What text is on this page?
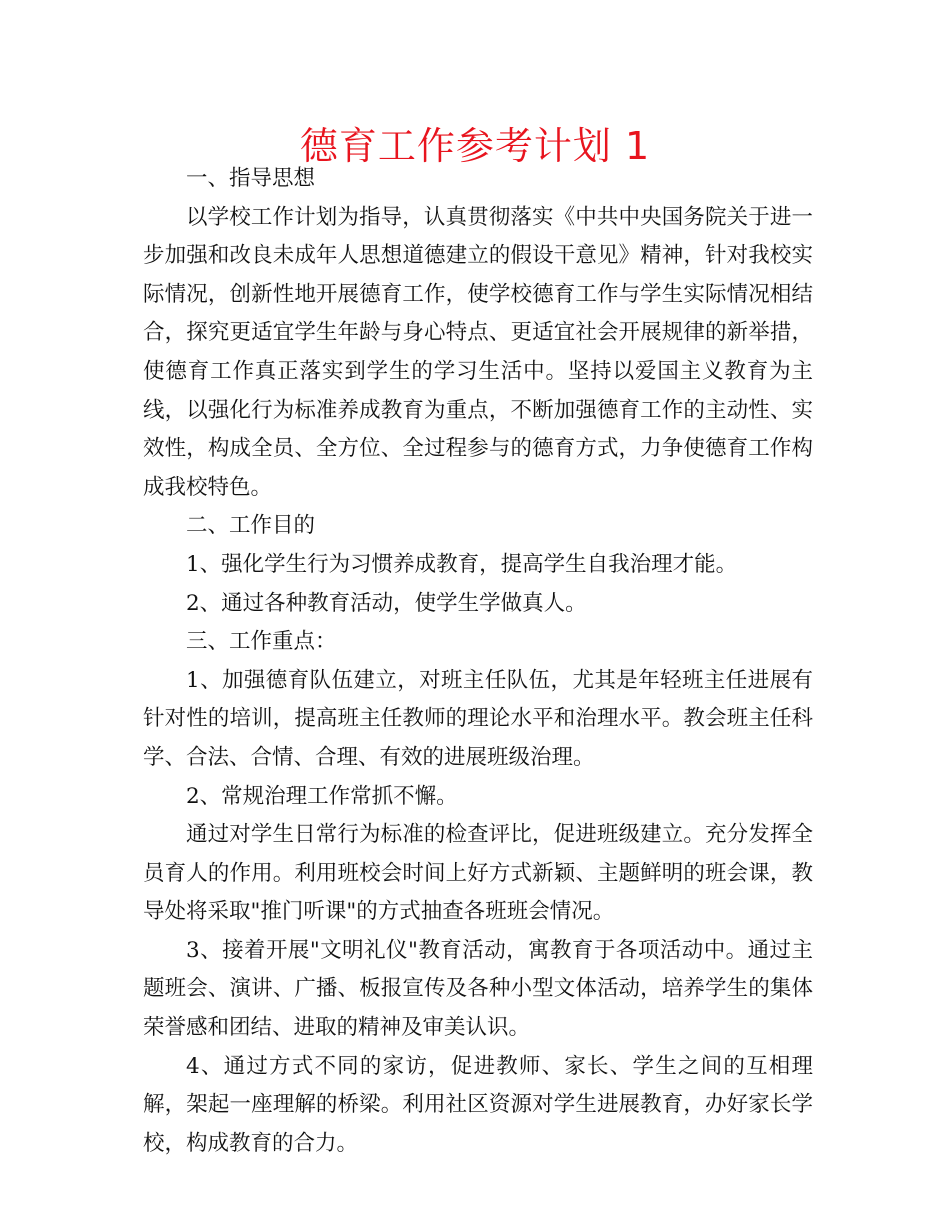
德育工作参考计划 1

一、指导思想

以学校工作计划为指导，认真贯彻落实《中共中央国务院关于进一步加强和改良未成年人思想道德建立的假设干意见》精神，针对我校实际情况，创新性地开展德育工作，使学校德育工作与学生实际情况相结合，探究更适宜学生年龄与身心特点、更适宜社会开展规律的新举措，使德育工作真正落实到学生的学习生活中。坚持以爱国主义教育为主线，以强化行为标准养成教育为重点，不断加强德育工作的主动性、实效性，构成全员、全方位、全过程参与的德育方式，力争使德育工作构成我校特色。

二、工作目的

1、强化学生行为习惯养成教育，提高学生自我治理才能。

2、通过各种教育活动，使学生学做真人。

三、工作重点：

1、加强德育队伍建立，对班主任队伍，尤其是年轻班主任进展有针对性的培训，提高班主任教师的理论水平和治理水平。教会班主任科学、合法、合情、合理、有效的进展班级治理。

2、常规治理工作常抓不懈。

通过对学生日常行为标准的检查评比，促进班级建立。充分发挥全员育人的作用。利用班校会时间上好方式新颖、主题鲜明的班会课，教导处将采取"推门听课"的方式抽查各班班会情况。

3、接着开展"文明礼仪"教育活动，寓教育于各项活动中。通过主题班会、演讲、广播、板报宣传及各种小型文体活动，培养学生的集体荣誉感和团结、进取的精神及审美认识。

4、通过方式不同的家访，促进教师、家长、学生之间的互相理解，架起一座理解的桥梁。利用社区资源对学生进展教育，办好家长学校，构成教育的合力。
